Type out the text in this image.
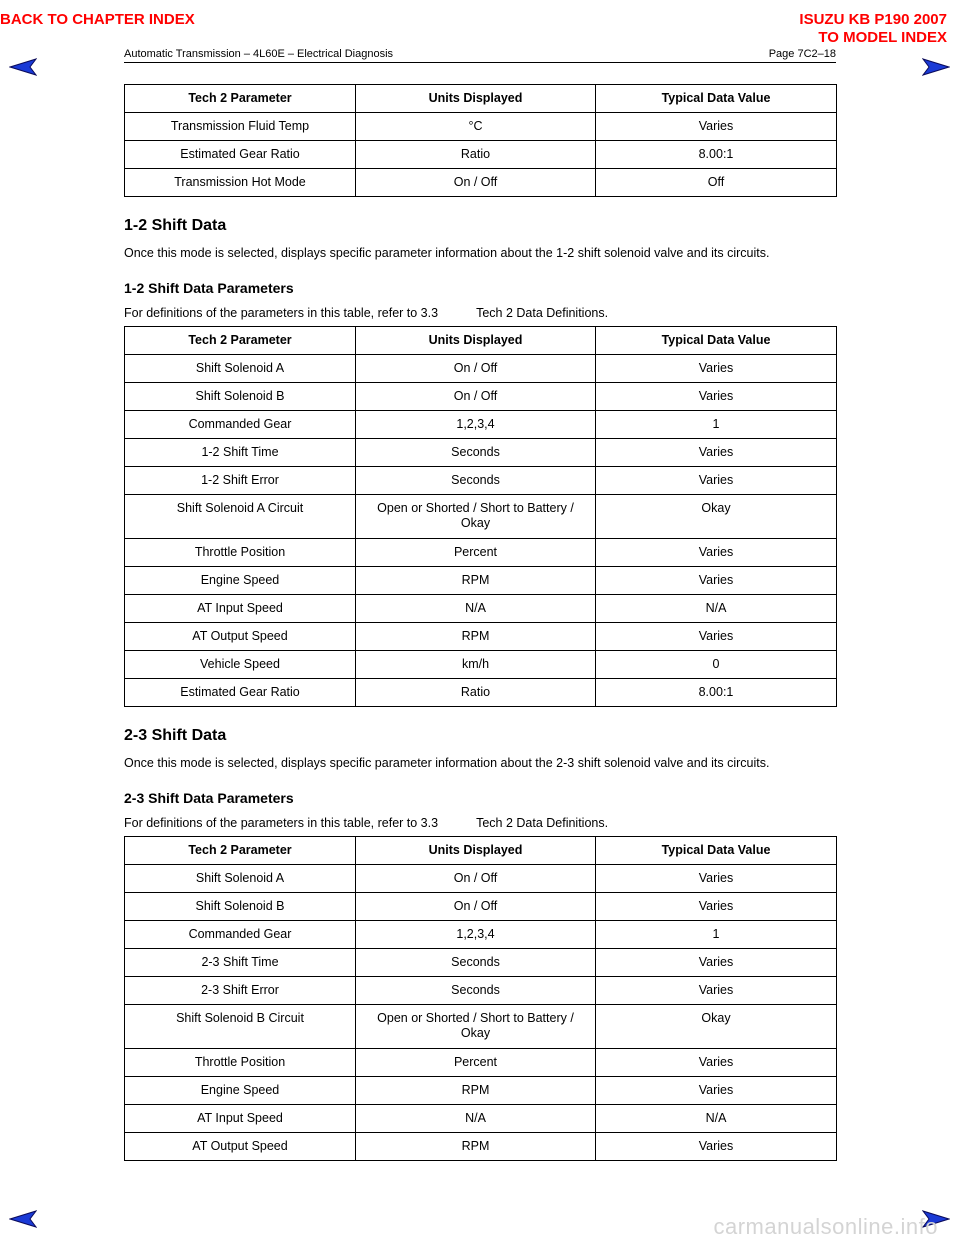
BACK TO CHAPTER INDEX	ISUZU KB P190 2007
TO MODEL INDEX
Automatic Transmission – 4L60E – Electrical Diagnosis	Page 7C2–18
Tech 2 Parameter	Units Displayed	Typical Data Value
Transmission Fluid Temp	°C	Varies
Estimated Gear Ratio	Ratio	8.00:1
Transmission Hot Mode	On / Off	Off
1-2 Shift Data

Once this mode is selected, displays specific parameter information about the 1-2 shift solenoid valve and its circuits.

1-2 Shift Data Parameters

For definitions of the parameters in this table, refer to 3.3	Tech 2 Data Definitions.

Tech 2 Parameter	Units Displayed	Typical Data Value
Shift Solenoid A	On / Off	Varies
Shift Solenoid B	On / Off	Varies
Commanded Gear	1,2,3,4	1
1-2 Shift Time	Seconds	Varies
1-2 Shift Error	Seconds	Varies
Shift Solenoid A Circuit	Open or Shorted / Short to Battery / Okay	Okay
Throttle Position	Percent	Varies
Engine Speed	RPM	Varies
AT Input Speed	N/A	N/A
AT Output Speed	RPM	Varies
Vehicle Speed	km/h	0
Estimated Gear Ratio	Ratio	8.00:1
2-3 Shift Data

Once this mode is selected, displays specific parameter information about the 2-3 shift solenoid valve and its circuits.

2-3 Shift Data Parameters

For definitions of the parameters in this table, refer to 3.3	Tech 2 Data Definitions.

Tech 2 Parameter	Units Displayed	Typical Data Value
Shift Solenoid A	On / Off	Varies
Shift Solenoid B	On / Off	Varies
Commanded Gear	1,2,3,4	1
2-3 Shift Time	Seconds	Varies
2-3 Shift Error	Seconds	Varies
Shift Solenoid B Circuit	Open or Shorted / Short to Battery / Okay	Okay
Throttle Position	Percent	Varies
Engine Speed	RPM	Varies
AT Input Speed	N/A	N/A
AT Output Speed	RPM	Varies
carmanualsonline.info
